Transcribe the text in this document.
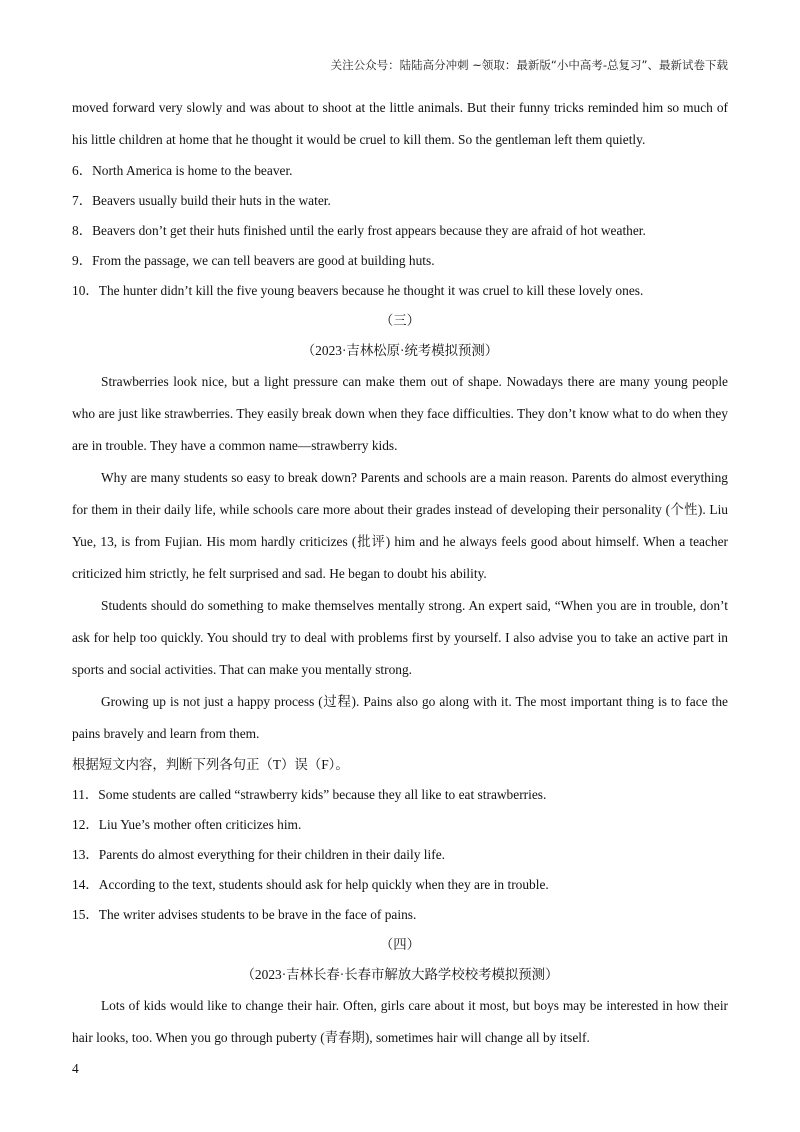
关注公众号：陆陆高分冲刺 ~领取：最新版“小中高考-总复习”、最新试卷下载

moved forward very slowly and was about to shoot at the little animals. But their funny tricks reminded him so much of his little children at home that he thought it would be cruel to kill them. So the gentleman left them quietly.

6．North America is home to the beaver.

7．Beavers usually build their huts in the water.

8．Beavers don’t get their huts finished until the early frost appears because they are afraid of hot weather.

9．From the passage, we can tell beavers are good at building huts.

10．The hunter didn’t kill the five young beavers because he thought it was cruel to kill these lovely ones.

（三）

（2023·吉林松原·统考模拟预测）

Strawberries look nice, but a light pressure can make them out of shape. Nowadays there are many young people who are just like strawberries. They easily break down when they face difficulties. They don’t know what to do when they are in trouble. They have a common name—strawberry kids.

Why are many students so easy to break down? Parents and schools are a main reason. Parents do almost everything for them in their daily life, while schools care more about their grades instead of developing their personality (个性). Liu Yue, 13, is from Fujian. His mom hardly criticizes (批评) him and he always feels good about himself. When a teacher criticized him strictly, he felt surprised and sad. He began to doubt his ability.

Students should do something to make themselves mentally strong. An expert said, “When you are in trouble, don’t ask for help too quickly. You should try to deal with problems first by yourself. I also advise you to take an active part in sports and social activities. That can make you mentally strong.

Growing up is not just a happy process (过程). Pains also go along with it. The most important thing is to face the pains bravely and learn from them.

根据短文内容，判断下列各句正（T）误（F）。

11．Some students are called “strawberry kids” because they all like to eat strawberries.

12．Liu Yue’s mother often criticizes him.

13．Parents do almost everything for their children in their daily life.

14．According to the text, students should ask for help quickly when they are in trouble.

15．The writer advises students to be brave in the face of pains.

（四）

（2023·吉林长春·长春市解放大路学校校考模拟预测）

Lots of kids would like to change their hair. Often, girls care about it most, but boys may be interested in how their hair looks, too. When you go through puberty (青春期), sometimes hair will change all by itself.

4
